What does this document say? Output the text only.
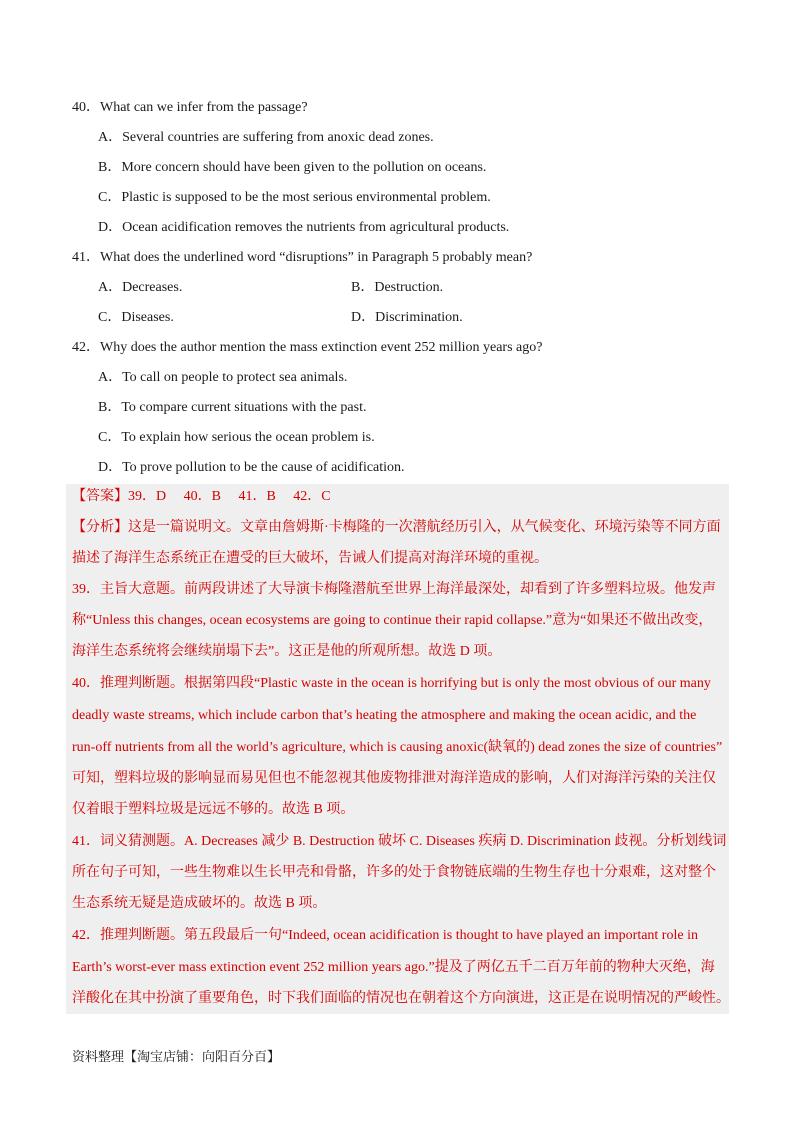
40．What can we infer from the passage?
A．Several countries are suffering from anoxic dead zones.
B．More concern should have been given to the pollution on oceans.
C．Plastic is supposed to be the most serious environmental problem.
D．Ocean acidification removes the nutrients from agricultural products.
41．What does the underlined word “disruptions” in Paragraph 5 probably mean?
A．Decreases.	B．Destruction.
C．Diseases.	D．Discrimination.
42．Why does the author mention the mass extinction event 252 million years ago?
A．To call on people to protect sea animals.
B．To compare current situations with the past.
C．To explain how serious the ocean problem is.
D．To prove pollution to be the cause of acidification.
【答案】39．D　 40．B　 41．B　 42．C
【分析】这是一篇说明文。文章由詹姆斯·卡梅隆的一次潜航经历引入，从气候变化、环境污染等不同方面
描述了海洋生态系统正在遭受的巨大破坏，告诫人们提高对海洋环境的重视。
39．主旨大意题。前两段讲述了大导演卡梅隆潜航至世界上海洋最深处，却看到了许多塑料垃圾。他发声
称“Unless this changes, ocean ecosystems are going to continue their rapid collapse.”意为“如果还不做出改变，
海洋生态系统将会继续崩塌下去”。这正是他的所观所想。故选 D 项。
40．推理判断题。根据第四段“Plastic waste in the ocean is horrifying but is only the most obvious of our many
deadly waste streams, which include carbon that’s heating the atmosphere and making the ocean acidic, and the
run-off nutrients from all the world’s agriculture, which is causing anoxic(缺氧的) dead zones the size of countries”
可知，塑料垃圾的影响显而易见但也不能忽视其他废物排泄对海洋造成的影响，人们对海洋污染的关注仅
仅着眼于塑料垃圾是远远不够的。故选 B 项。
41．词义猜测题。A. Decreases 减少 B. Destruction 破坏 C. Diseases 疾病 D. Discrimination 歧视。分析划线词
所在句子可知，一些生物难以生长甲壳和骨骼，许多的处于食物链底端的生物生存也十分艰难，这对整个
生态系统无疑是造成破坏的。故选 B 项。
42．推理判断题。第五段最后一句“Indeed, ocean acidification is thought to have played an important role in
Earth’s worst-ever mass extinction event 252 million years ago.”提及了两亿五千二百万年前的物种大灭绝，海
洋酸化在其中扮演了重要角色，时下我们面临的情况也在朝着这个方向演进，这正是在说明情况的严峻性。
资料整理【淘宝店铺：向阳百分百】
